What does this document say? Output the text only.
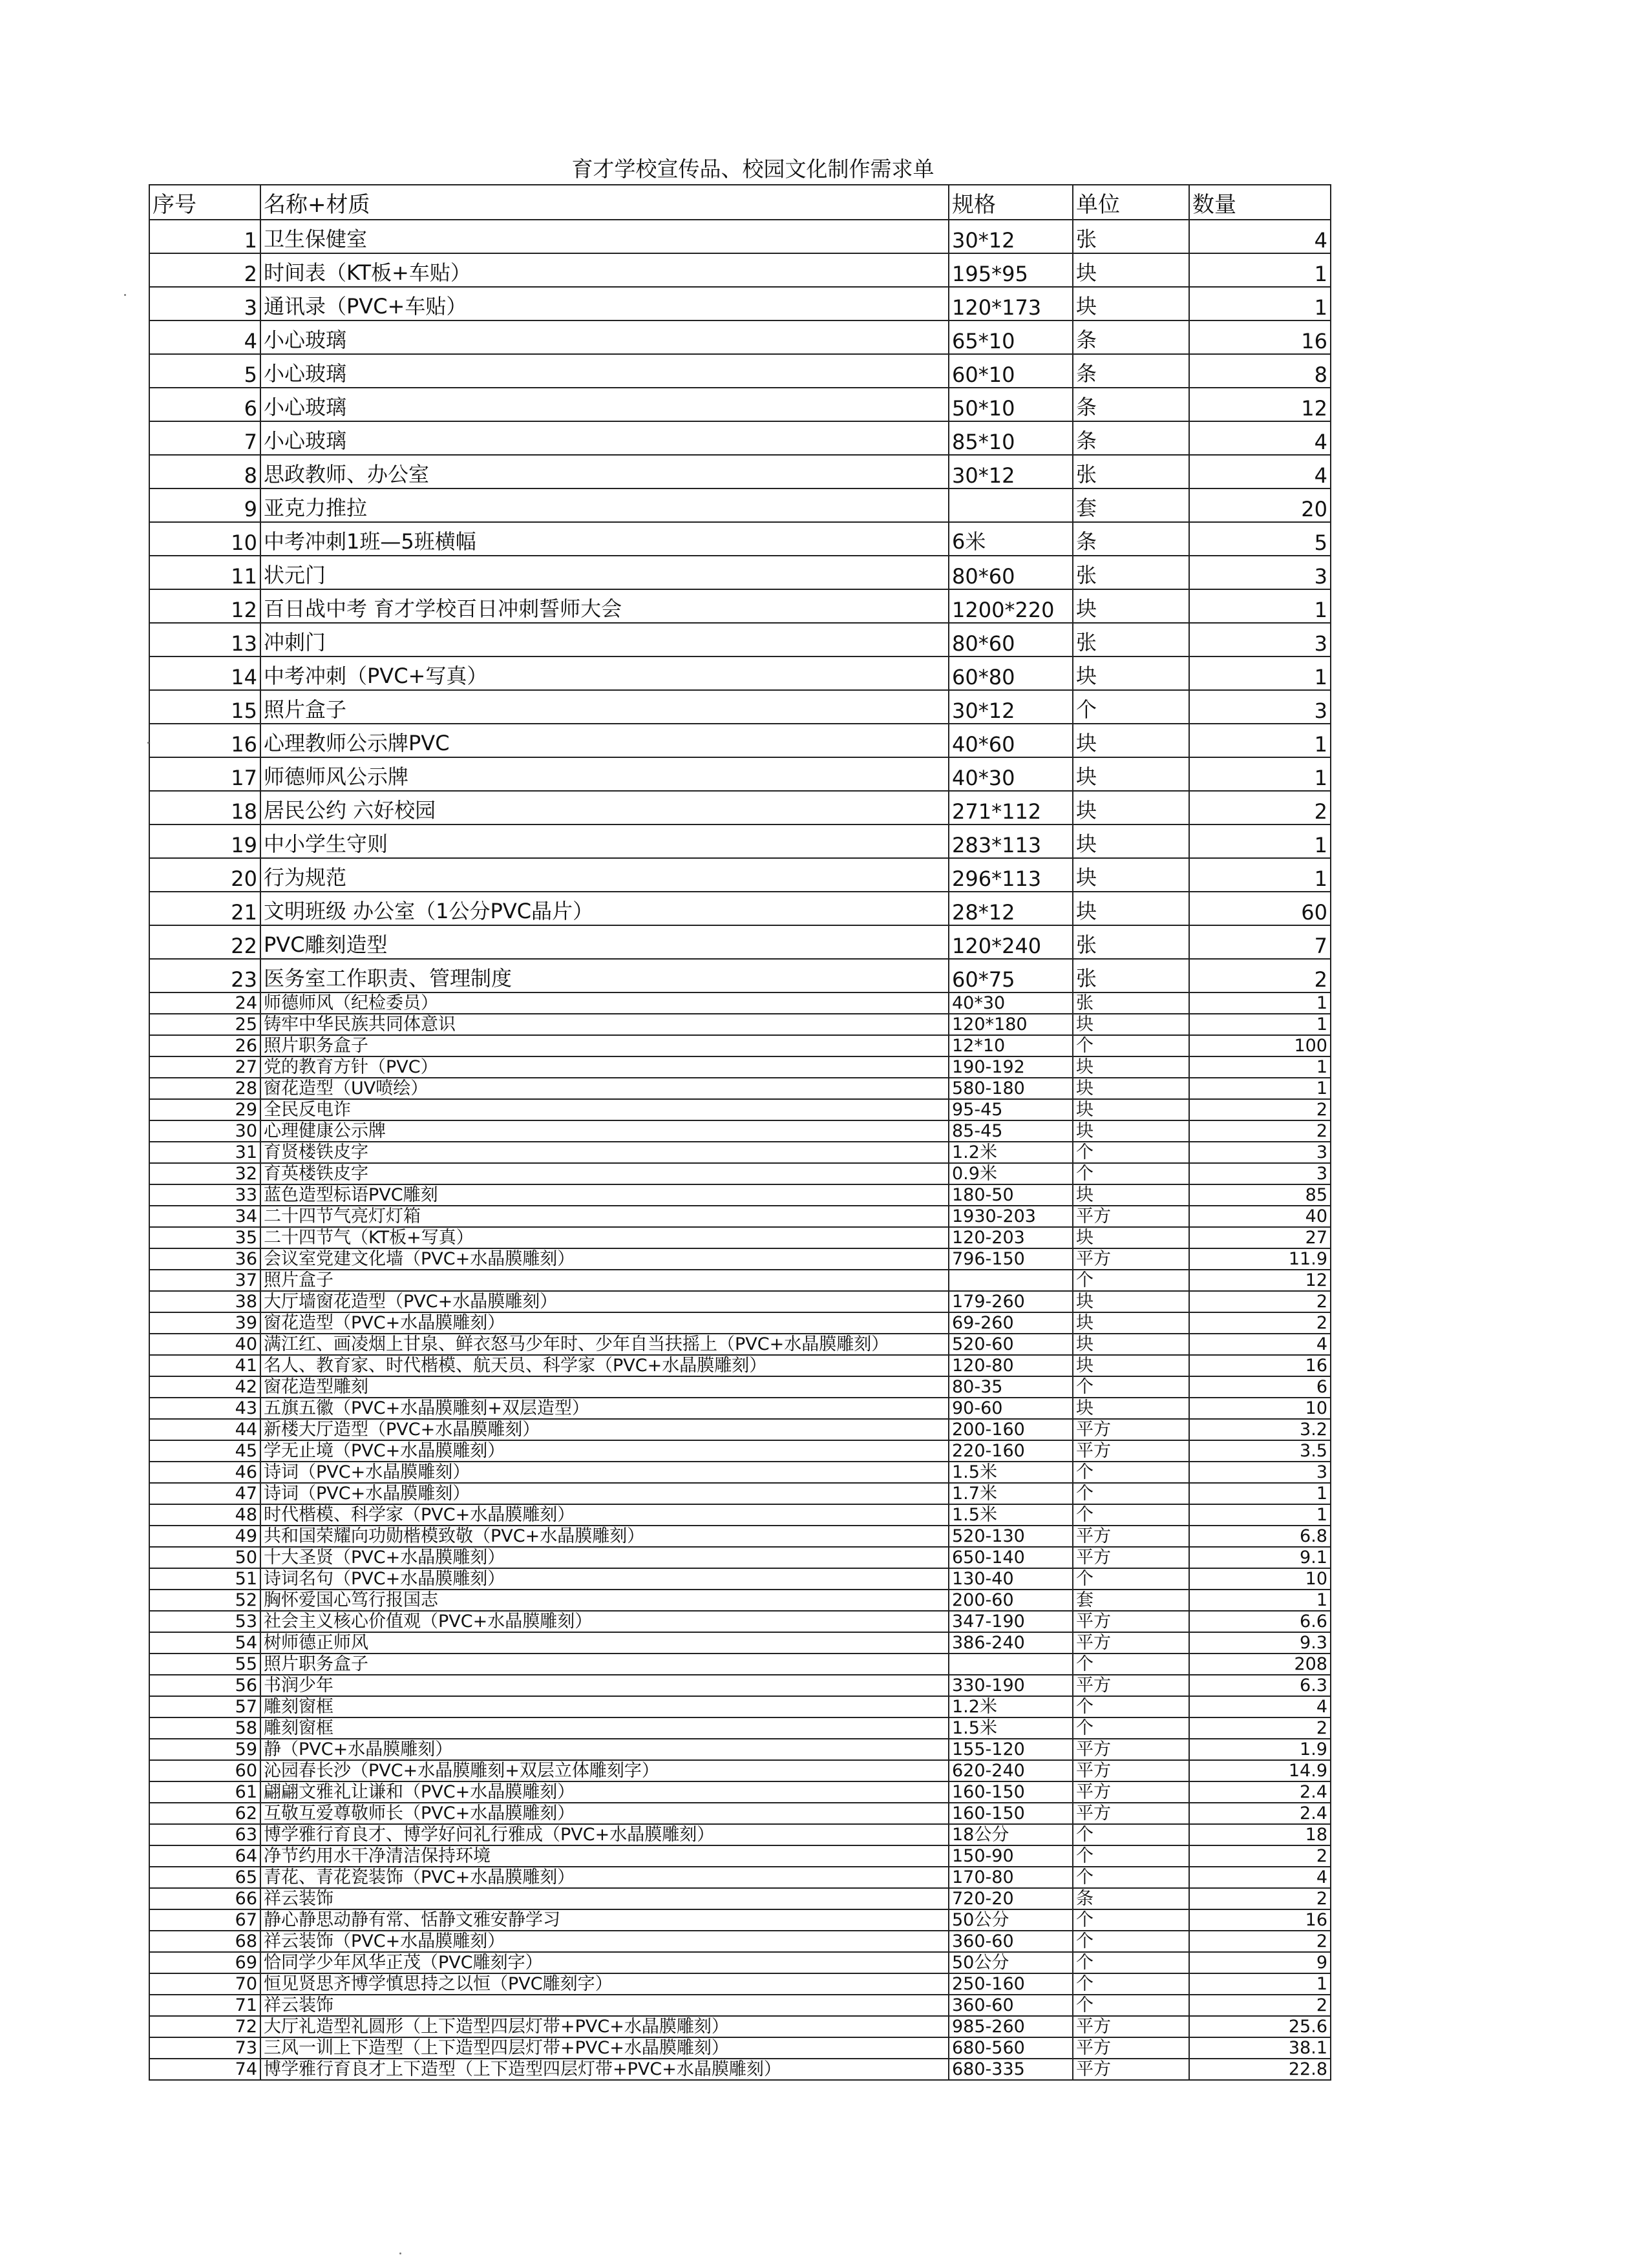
育才学校宣传品、校园文化制作需求单
序号	名称+材质	规格	单位	数量
1	卫生保健室	30*12	张	4
2	时间表（KT板+车贴）	195*95	块	1
3	通讯录（PVC+车贴）	120*173	块	1
4	小心玻璃	65*10	条	16
5	小心玻璃	60*10	条	8
6	小心玻璃	50*10	条	12
7	小心玻璃	85*10	条	4
8	思政教师、办公室	30*12	张	4
9	亚克力推拉		套	20
10	中考冲刺1班—5班横幅	6米	条	5
11	状元门	80*60	张	3
12	百日战中考 育才学校百日冲刺誓师大会	1200*220	块	1
13	冲刺门	80*60	张	3
14	中考冲刺（PVC+写真）	60*80	块	1
15	照片盒子	30*12	个	3
16	心理教师公示牌PVC	40*60	块	1
17	师德师风公示牌	40*30	块	1
18	居民公约 六好校园	271*112	块	2
19	中小学生守则	283*113	块	1
20	行为规范	296*113	块	1
21	文明班级 办公室（1公分PVC晶片）	28*12	块	60
22	PVC雕刻造型	120*240	张	7
23	医务室工作职责、管理制度	60*75	张	2
24	师德师风（纪检委员）	40*30	张	1
25	铸牢中华民族共同体意识	120*180	块	1
26	照片职务盒子	12*10	个	100
27	党的教育方针（PVC）	190-192	块	1
28	窗花造型（UV喷绘）	580-180	块	1
29	全民反电诈	95-45	块	2
30	心理健康公示牌	85-45	块	2
31	育贤楼铁皮字	1.2米	个	3
32	育英楼铁皮字	0.9米	个	3
33	蓝色造型标语PVC雕刻	180-50	块	85
34	二十四节气亮灯灯箱	1930-203	平方	40
35	二十四节气（KT板+写真）	120-203	块	27
36	会议室党建文化墙（PVC+水晶膜雕刻）	796-150	平方	11.9
37	照片盒子		个	12
38	大厅墙窗花造型（PVC+水晶膜雕刻）	179-260	块	2
39	窗花造型（PVC+水晶膜雕刻）	69-260	块	2
40	满江红、画凌烟上甘泉、鲜衣怒马少年时、少年自当扶摇上（PVC+水晶膜雕刻）	520-60	块	4
41	名人、教育家、时代楷模、航天员、科学家（PVC+水晶膜雕刻）	120-80	块	16
42	窗花造型雕刻	80-35	个	6
43	五旗五徽（PVC+水晶膜雕刻+双层造型）	90-60	块	10
44	新楼大厅造型（PVC+水晶膜雕刻）	200-160	平方	3.2
45	学无止境（PVC+水晶膜雕刻）	220-160	平方	3.5
46	诗词（PVC+水晶膜雕刻）	1.5米	个	3
47	诗词（PVC+水晶膜雕刻）	1.7米	个	1
48	时代楷模、科学家（PVC+水晶膜雕刻）	1.5米	个	1
49	共和国荣耀向功勋楷模致敬（PVC+水晶膜雕刻）	520-130	平方	6.8
50	十大圣贤（PVC+水晶膜雕刻）	650-140	平方	9.1
51	诗词名句（PVC+水晶膜雕刻）	130-40	个	10
52	胸怀爱国心笃行报国志	200-60	套	1
53	社会主义核心价值观（PVC+水晶膜雕刻）	347-190	平方	6.6
54	树师德正师风	386-240	平方	9.3
55	照片职务盒子		个	208
56	书润少年	330-190	平方	6.3
57	雕刻窗框	1.2米	个	4
58	雕刻窗框	1.5米	个	2
59	静（PVC+水晶膜雕刻）	155-120	平方	1.9
60	沁园春长沙（PVC+水晶膜雕刻+双层立体雕刻字）	620-240	平方	14.9
61	翩翩文雅礼让谦和（PVC+水晶膜雕刻）	160-150	平方	2.4
62	互敬互爱尊敬师长（PVC+水晶膜雕刻）	160-150	平方	2.4
63	博学雅行育良才、博学好问礼行雅成（PVC+水晶膜雕刻）	18公分	个	18
64	净节约用水干净清洁保持环境	150-90	个	2
65	青花、青花瓷装饰（PVC+水晶膜雕刻）	170-80	个	4
66	祥云装饰	720-20	条	2
67	静心静思动静有常、恬静文雅安静学习	50公分	个	16
68	祥云装饰（PVC+水晶膜雕刻）	360-60	个	2
69	恰同学少年风华正茂（PVC雕刻字）	50公分	个	9
70	恒见贤思齐博学慎思持之以恒（PVC雕刻字）	250-160	个	1
71	祥云装饰	360-60	个	2
72	大厅礼造型礼圆形（上下造型四层灯带+PVC+水晶膜雕刻）	985-260	平方	25.6
73	三风一训上下造型（上下造型四层灯带+PVC+水晶膜雕刻）	680-560	平方	38.1
74	博学雅行育良才上下造型（上下造型四层灯带+PVC+水晶膜雕刻）	680-335	平方	22.8
